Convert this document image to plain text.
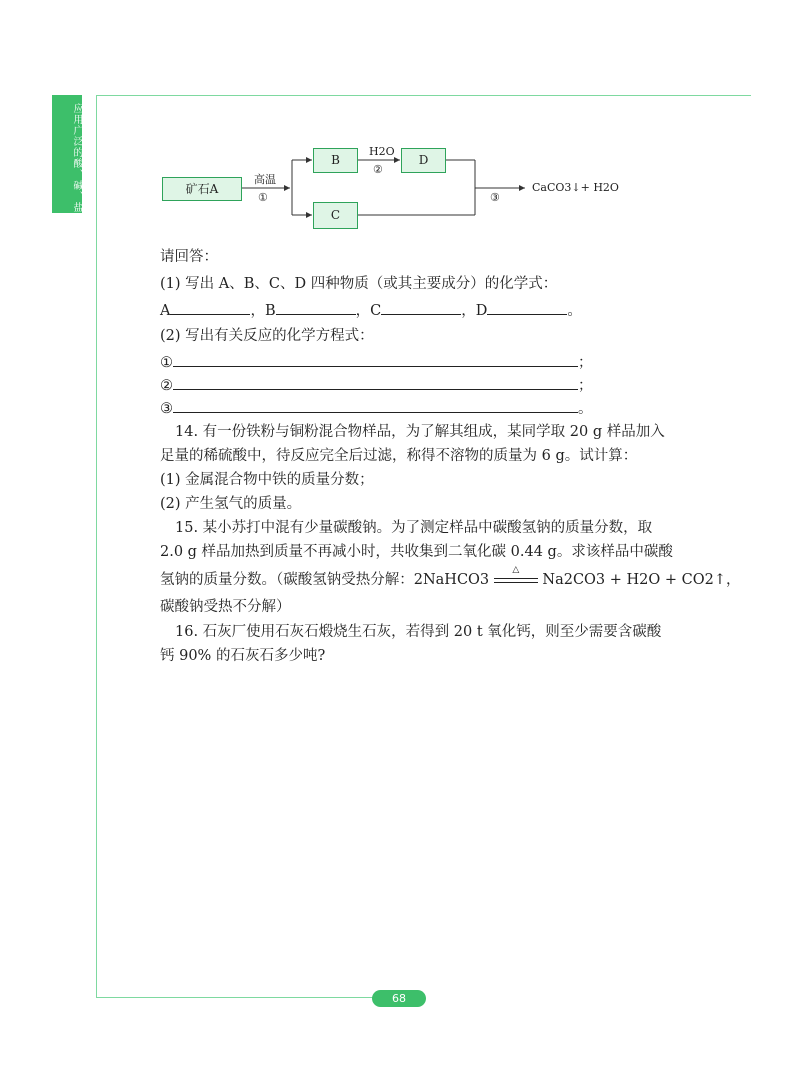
应用广泛的酸、碱、盐	矿石A
高温
①
B
C
D
H2O
②
③
CaCO3↓+ H2O
请回答：
(1) 写出 A、B、C、D 四种物质（或其主要成分）的化学式：
A	，B	，C	，D	。
(2) 写出有关反应的化学方程式：
①	；
②	；
③	。
14. 有一份铁粉与铜粉混合物样品，为了解其组成，某同学取 20 g 样品加入
足量的稀硫酸中，待反应完全后过滤，称得不溶物的质量为 6 g。试计算：
(1) 金属混合物中铁的质量分数；
(2) 产生氢气的质量。
15. 某小苏打中混有少量碳酸钠。为了测定样品中碳酸氢钠的质量分数，取
2.0 g 样品加热到质量不再减小时，共收集到二氧化碳 0.44 g。求该样品中碳酸
氢钠的质量分数。（碳酸氢钠受热分解：2NaHCO3
△
Na2CO3 + H2O + CO2↑，
碳酸钠受热不分解）
16. 石灰厂使用石灰石煅烧生石灰，若得到 20 t 氧化钙，则至少需要含碳酸
钙 90% 的石灰石多少吨?
68
